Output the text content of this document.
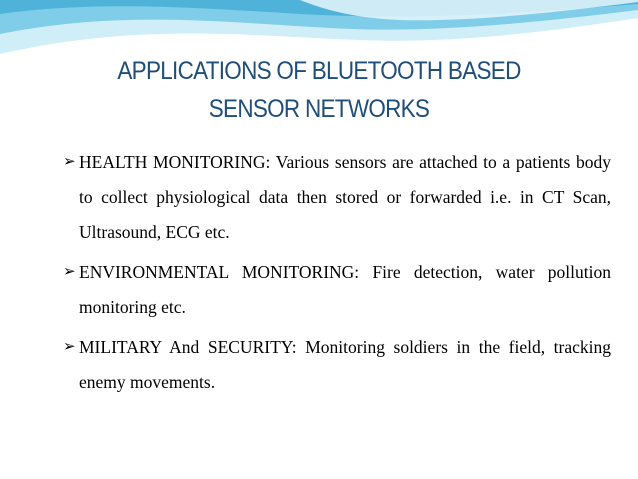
APPLICATIONS OF BLUETOOTH BASED
SENSOR NETWORKS
➢ HEALTH MONITORING: Various sensors are attached to a patients body to collect physiological data then stored or forwarded i.e. in CT Scan, Ultrasound, ECG etc.
➢ ENVIRONMENTAL MONITORING: Fire detection, water pollution monitoring etc.
➢ MILITARY And SECURITY: Monitoring soldiers in the field, tracking enemy movements.
